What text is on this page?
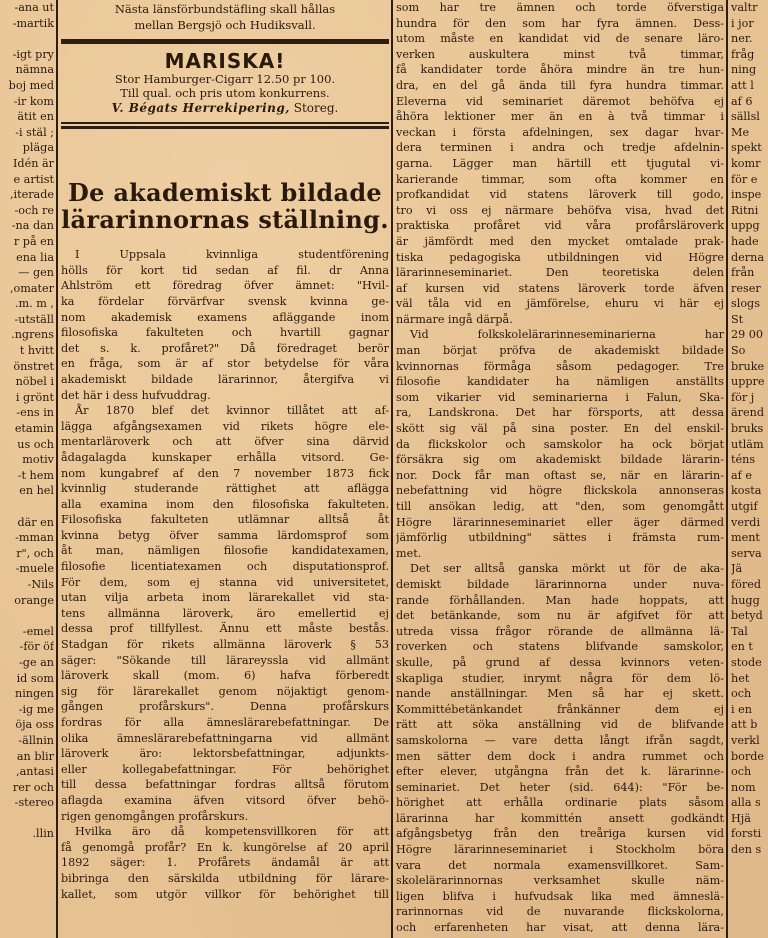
ana ut-
martik-

igt pry-
nämna
boj med
ir kom-
ätit en
; i stäl-
pläga
Idén är
e artist
iterade,
och re-
na dan-
r på en
ena lia
gen —
omater,
, m. m.
utställ-
ngrens.
t hvitt
önstret
nöbel i
i grönt
ens in-
etamin
us och
motiv
t hem-
en hel

där en
mman-
r", och
muele-
Nils-
orange

emel-
för öf-
ge an-
id som
ningen
ig me-
öja oss
ällnin-
an blir
antasi,
rer och
stereo-

llin.
Nästa länsförbundstäfling skall hållas
mellan Bergsjö och Hudiksvall.
MARISKA!
Stor Hamburger-Cigarr 12.50 pr 100.
Till qual. och pris utom konkurrens.
V. Bégats Herrekipering, Storeg.
De akademiskt bildade
lärarinnornas ställning.
I Uppsala kvinnliga studentförening
hölls för kort tid sedan af fil. dr Anna
Ahlström ett föredrag öfver ämnet: "Hvil-
ka fördelar förvärfvar svensk kvinna ge-
nom akademisk examens afläggande inom
filosofiska fakulteten och hvartill gagnar
det s. k. profåret?" Då föredraget berör
en fråga, som är af stor betydelse för våra
akademiskt bildade lärarinnor, återgifva vi
det här i dess hufvuddrag.
År 1870 blef det kvinnor tillåtet att af-
lägga afgångsexamen vid rikets högre ele-
mentarläroverk och att öfver sina därvid
ådagalagda kunskaper erhålla vitsord. Ge-
nom kungabref af den 7 november 1873 fick
kvinnlig studerande rättighet att aflägga
alla examina inom den filosofiska fakulteten.
Filosofiska fakulteten utlämnar alltså åt
kvinna betyg öfver samma lärdomsprof som
åt man, nämligen filosofie kandidatexamen,
filosofie licentiatexamen och disputationsprof.
För dem, som ej stanna vid universitetet,
utan vilja arbeta inom lärarekallet vid sta-
tens allmänna läroverk, äro emellertid ej
dessa prof tillfyllest. Ännu ett måste bestås.
Stadgan för rikets allmänna läroverk § 53
säger: "Sökande till lärareyssla vid allmänt
läroverk skall (mom. 6) hafva förberedt
sig för lärarekallet genom nöjaktigt genom-
gången profårskurs". Denna profårskurs
fordras för alla ämneslärarebefattningar. De
olika ämneslärarebefattningarna vid allmänt
läroverk äro: lektorsbefattningar, adjunkts-
eller kollegabefattningar. För behörighet
till dessa befattningar fordras alltså förutom
aflagda examina äfven vitsord öfver behö-
rigen genomgången profårskurs.
Hvilka äro då kompetensvillkoren för att
få genomgå profår? En k. kungörelse af 20 april
1892 säger: 1. Profårets ändamål är att
bibringa den särskilda utbildning för lärare-
kallet, som utgör villkor för behörighet till
som har tre ämnen och torde öfverstiga
hundra för den som har fyra ämnen. Dess-
utom måste en kandidat vid de senare läro-
verken auskultera minst två timmar,
få kandidater torde åhöra mindre än tre hun-
dra, en del gå ända till fyra hundra timmar.
Eleverna vid seminariet däremot behöfva ej
åhöra lektioner mer än en à två timmar i
veckan i första afdelningen, sex dagar hvar-
dera terminen i andra och tredje afdelnin-
garna. Lägger man härtill ett tjugutal vi-
karierande timmar, som ofta kommer en
profkandidat vid statens läroverk till godo,
tro vi oss ej närmare behöfva visa, hvad det
praktiska profåret vid våra profårsläroverk
är jämfördt med den mycket omtalade prak-
tiska pedagogiska utbildningen vid Högre
lärarinneseminariet. Den teoretiska delen
af kursen vid statens läroverk torde äfven
väl tåla vid en jämförelse, ehuru vi här ej
närmare ingå därpå.
Vid folkskolelärarinneseminarierna har
man börjat pröfva de akademiskt bildade
kvinnornas förmåga såsom pedagoger. Tre
filosofie kandidater ha nämligen anställts
som vikarier vid seminarierna i Falun, Ska-
ra, Landskrona. Det har försports, att dessa
skött sig väl på sina poster. En del enskil-
da flickskolor och samskolor ha ock börjat
försäkra sig om akademiskt bildade lärarin-
nor. Dock får man oftast se, när en lärarin-
nebefattning vid högre flickskola annonseras
till ansökan ledig, att "den, som genomgått
Högre lärarinneseminariet eller äger därmed
jämförlig utbildning" sättes i främsta rum-
met.
Det ser alltså ganska mörkt ut för de aka-
demiskt bildade lärarinnorna under nuva-
rande förhållanden. Man hade hoppats, att
det betänkande, som nu är afgifvet för att
utreda vissa frågor rörande de allmänna lä-
roverken och statens blifvande samskolor,
skulle, på grund af dessa kvinnors veten-
skapliga studier, inrymt några för dem lö-
nande anställningar. Men så har ej skett.
Kommittébetänkandet frånkänner dem ej
rätt att söka anställning vid de blifvande
samskolorna — vare detta långt ifrån sagdt,
men sätter dem dock i andra rummet och
efter elever, utgångna från det k. lärarinne-
seminariet. Det heter (sid. 644): "För be-
hörighet att erhålla ordinarie plats såsom
lärarinna har kommittén ansett godkändt
afgångsbetyg från den treåriga kursen vid
Högre lärarinneseminariet i Stockholm böra
vara det normala examensvillkoret. Sam-
skolelärarinnornas verksamhet skulle näm-
ligen blifva i hufvudsak lika med ämneslä-
rarinnornas vid de nuvarande flickskolorna,
och erfarenheten har visat, att denna lära-
valtr
i jor
ner.
fråg
ning
att l
af 6
sällsl
Me
spekt
komr
för e
inspe
Ritni
uppg
hade
derna
från
reser
slogs
St
29 00
So
bruke
uppre
för j
ärend
bruks
utläm
téns
af e
kosta
utgif
verdi
ment
serva
Jä
föred
hugg
betyd
Tal
en t
stode
het
och
i en
att b
verkl
borde
och
nom
alla s
Hjä
forsti
den s
